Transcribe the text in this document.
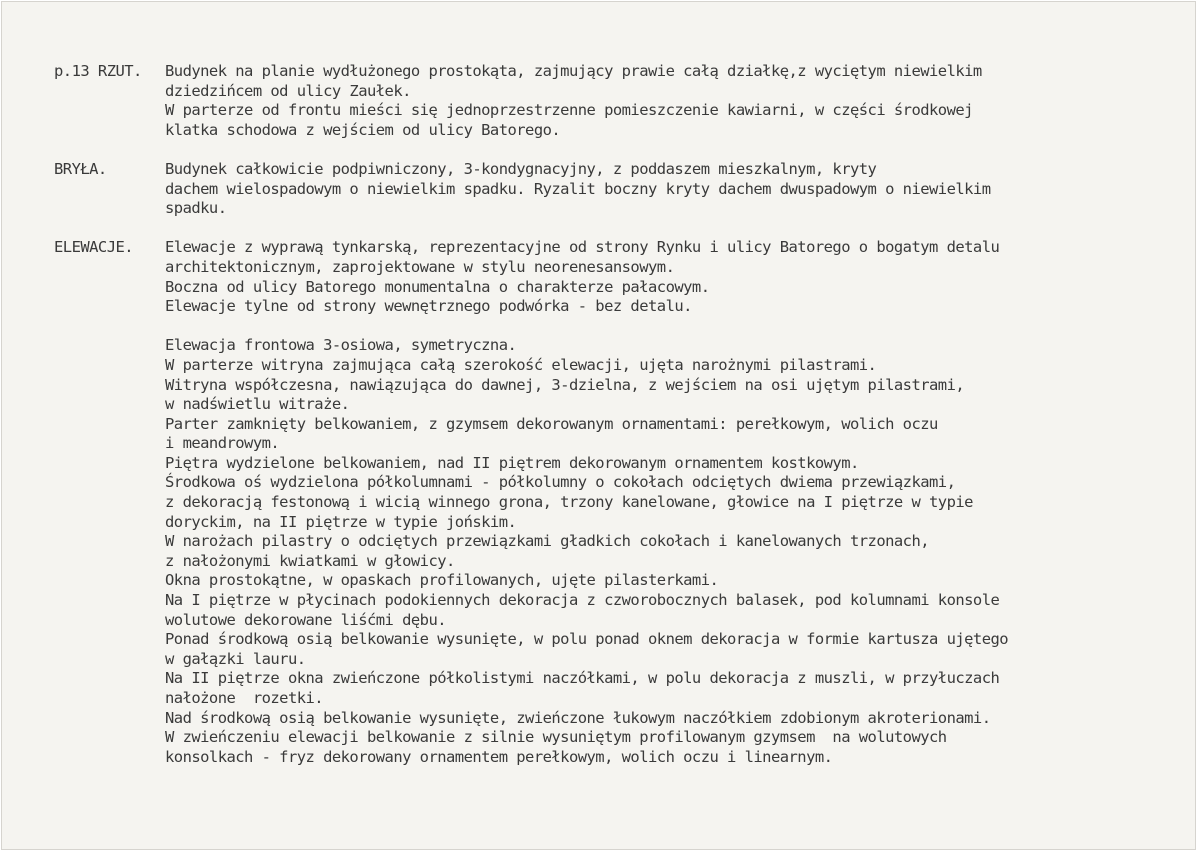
p.13 RZUT.	Budynek na planie wydłużonego prostokąta, zajmujący prawie całą działkę,z wyciętym niewielkim
dziedzińcem od ulicy Zaułek.
W parterze od frontu mieści się jednoprzestrzenne pomieszczenie kawiarni, w części środkowej
klatka schodowa z wejściem od ulicy Batorego.
BRYŁA.	Budynek całkowicie podpiwniczony, 3-kondygnacyjny, z poddaszem mieszkalnym, kryty
dachem wielospadowym o niewielkim spadku. Ryzalit boczny kryty dachem dwuspadowym o niewielkim
spadku.
ELEWACJE.	Elewacje z wyprawą tynkarską, reprezentacyjne od strony Rynku i ulicy Batorego o bogatym detalu
architektonicznym, zaprojektowane w stylu neorenesansowym.
Boczna od ulicy Batorego monumentalna o charakterze pałacowym.
Elewacje tylne od strony wewnętrznego podwórka - bez detalu.
Elewacja frontowa 3-osiowa, symetryczna.
W parterze witryna zajmująca całą szerokość elewacji, ujęta narożnymi pilastrami.
Witryna współczesna, nawiązująca do dawnej, 3-dzielna, z wejściem na osi ujętym pilastrami,
w nadświetlu witraże.
Parter zamknięty belkowaniem, z gzymsem dekorowanym ornamentami: perełkowym, wolich oczu
i meandrowym.
Piętra wydzielone belkowaniem, nad II piętrem dekorowanym ornamentem kostkowym.
Środkowa oś wydzielona półkolumnami - półkolumny o cokołach odciętych dwiema przewiązkami,
z dekoracją festonową i wicią winnego grona, trzony kanelowane, głowice na I piętrze w typie
doryckim, na II piętrze w typie jońskim.
W narożach pilastry o odciętych przewiązkami gładkich cokołach i kanelowanych trzonach,
z nałożonymi kwiatkami w głowicy.
Okna prostokątne, w opaskach profilowanych, ujęte pilasterkami.
Na I piętrze w płycinach podokiennych dekoracja z czworobocznych balasek, pod kolumnami konsole
wolutowe dekorowane liśćmi dębu.
Ponad środkową osią belkowanie wysunięte, w polu ponad oknem dekoracja w formie kartusza ujętego
w gałązki lauru.
Na II piętrze okna zwieńczone półkolistymi naczółkami, w polu dekoracja z muszli, w przyłuczach
nałożone  rozetki.
Nad środkową osią belkowanie wysunięte, zwieńczone łukowym naczółkiem zdobionym akroterionami.
W zwieńczeniu elewacji belkowanie z silnie wysuniętym profilowanym gzymsem  na wolutowych
konsolkach - fryz dekorowany ornamentem perełkowym, wolich oczu i linearnym.
